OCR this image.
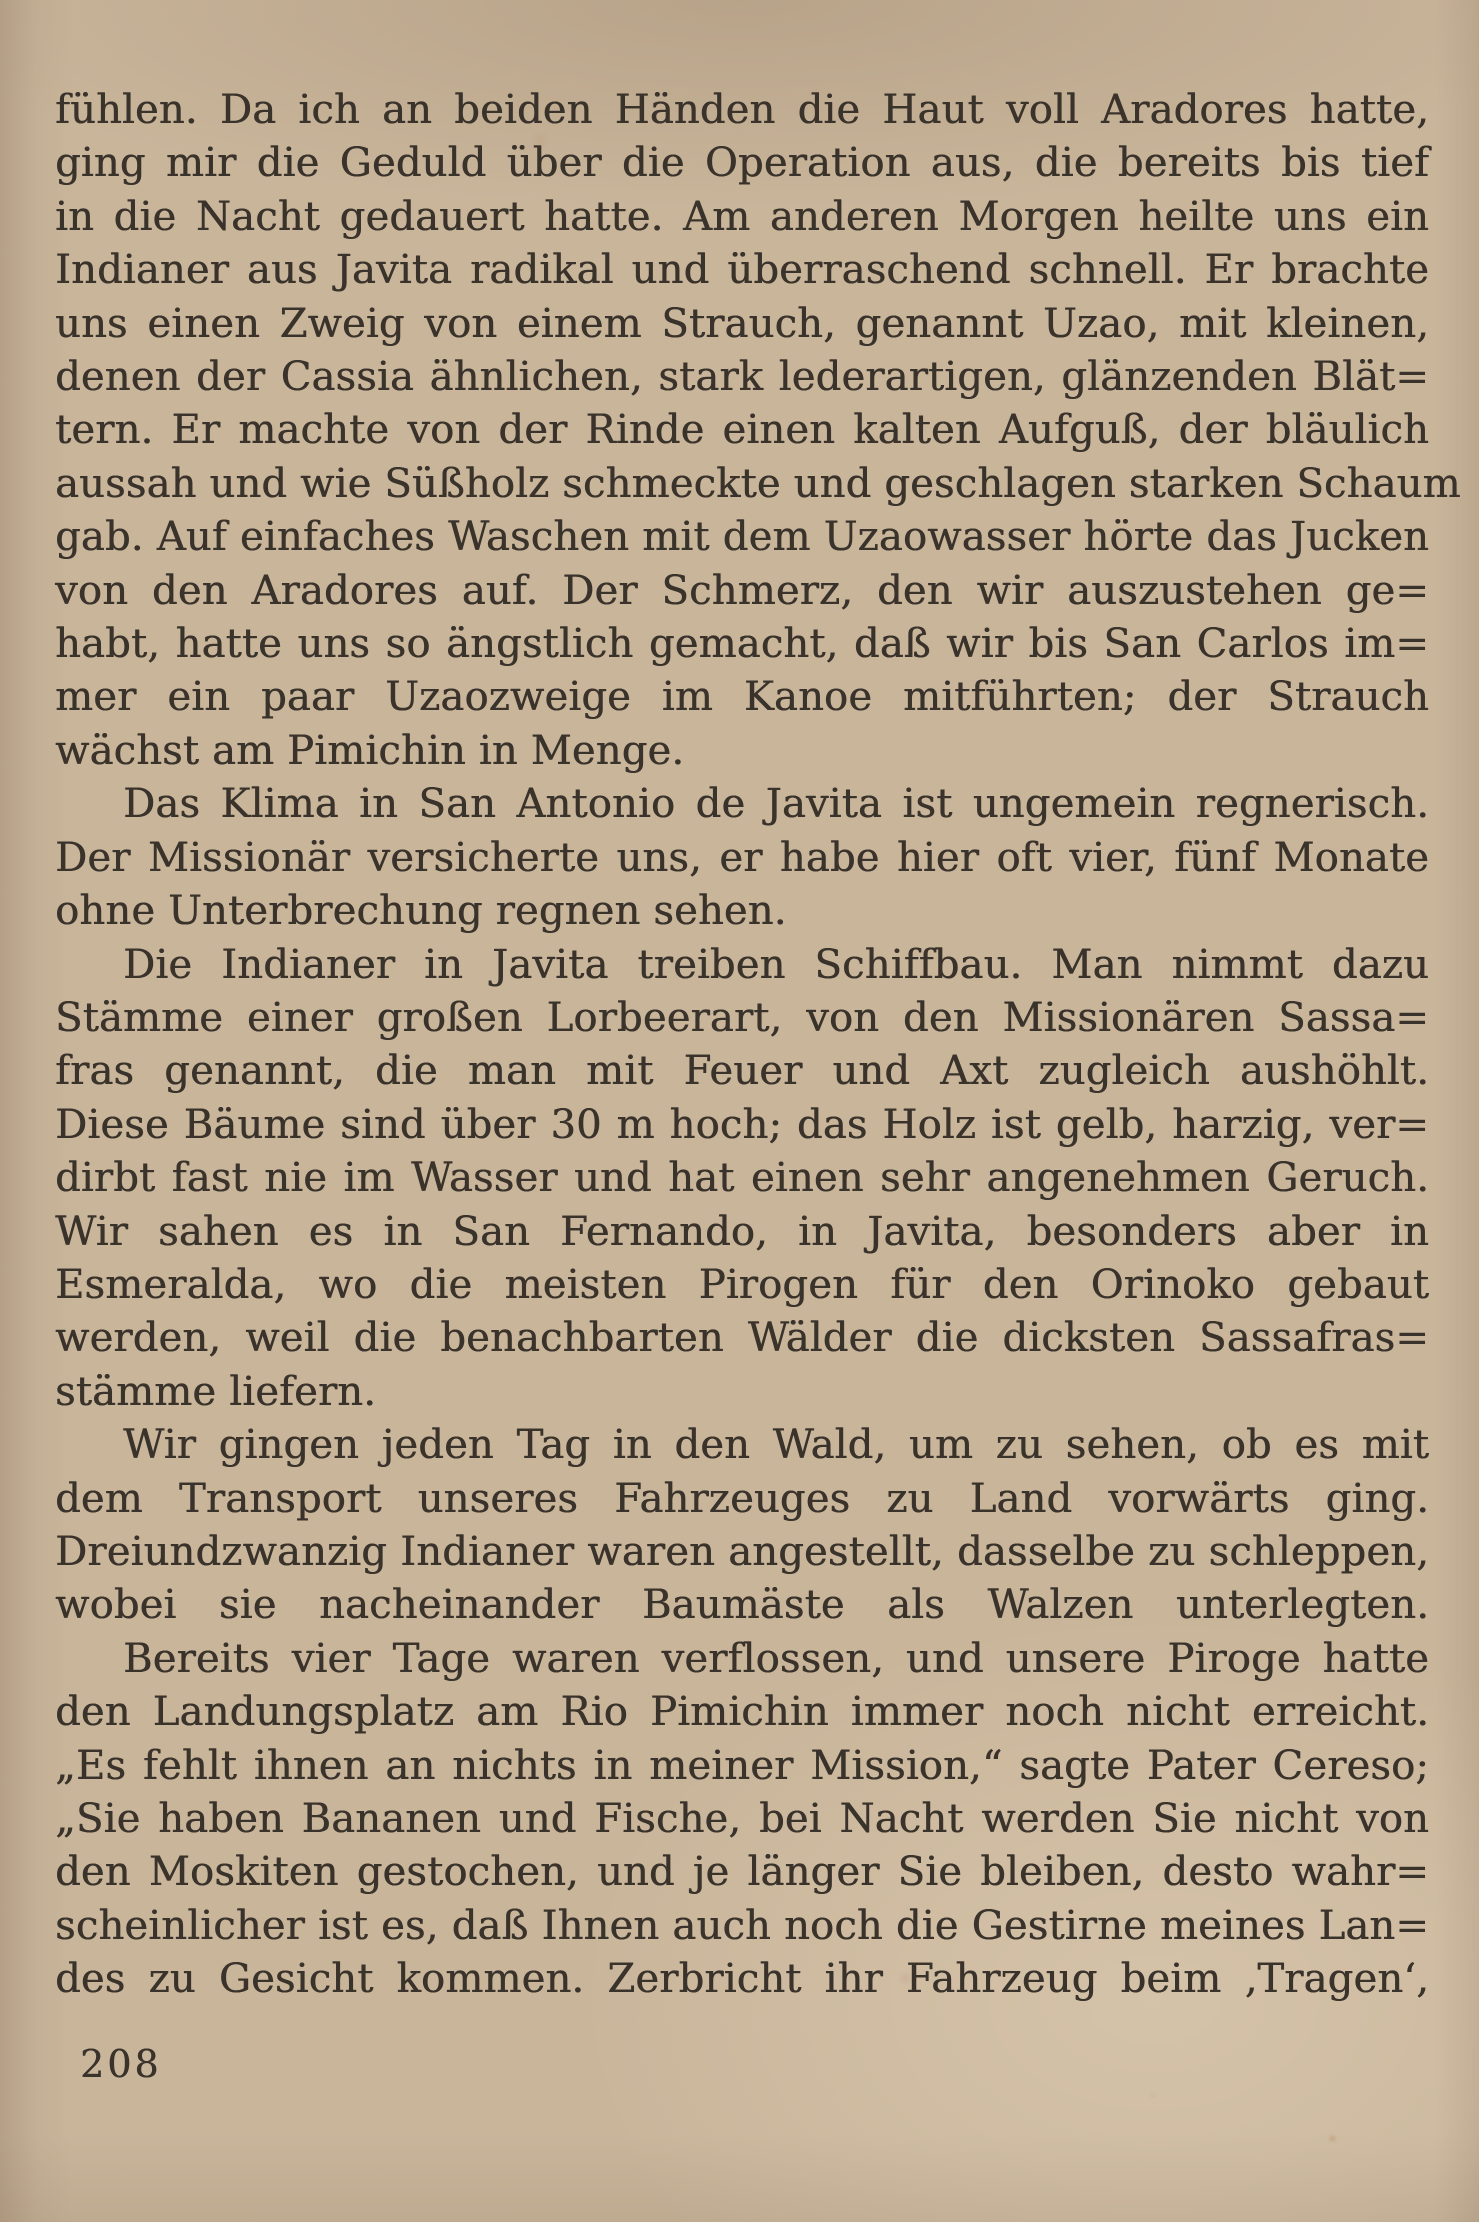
fühlen. Da ich an beiden Händen die Haut voll Aradores hatte,
ging mir die Geduld über die Operation aus, die bereits bis tief
in die Nacht gedauert hatte. Am anderen Morgen heilte uns ein
Indianer aus Javita radikal und überraschend schnell. Er brachte
uns einen Zweig von einem Strauch, genannt Uzao, mit kleinen,
denen der Cassia ähnlichen, stark lederartigen, glänzenden Blät=
tern. Er machte von der Rinde einen kalten Aufguß, der bläulich
aussah und wie Süßholz schmeckte und geschlagen starken Schaum
gab. Auf einfaches Waschen mit dem Uzaowasser hörte das Jucken
von den Aradores auf. Der Schmerz, den wir auszustehen ge=
habt, hatte uns so ängstlich gemacht, daß wir bis San Carlos im=
mer ein paar Uzaozweige im Kanoe mitführten; der Strauch
wächst am Pimichin in Menge.
Das Klima in San Antonio de Javita ist ungemein regnerisch.
Der Missionär versicherte uns, er habe hier oft vier, fünf Monate
ohne Unterbrechung regnen sehen.
Die Indianer in Javita treiben Schiffbau. Man nimmt dazu
Stämme einer großen Lorbeerart, von den Missionären Sassa=
fras genannt, die man mit Feuer und Axt zugleich aushöhlt.
Diese Bäume sind über 30 m hoch; das Holz ist gelb, harzig, ver=
dirbt fast nie im Wasser und hat einen sehr angenehmen Geruch.
Wir sahen es in San Fernando, in Javita, besonders aber in
Esmeralda, wo die meisten Pirogen für den Orinoko gebaut
werden, weil die benachbarten Wälder die dicksten Sassafras=
stämme liefern.
Wir gingen jeden Tag in den Wald, um zu sehen, ob es mit
dem Transport unseres Fahrzeuges zu Land vorwärts ging.
Dreiundzwanzig Indianer waren angestellt, dasselbe zu schleppen,
wobei sie nacheinander Baumäste als Walzen unterlegten.
Bereits vier Tage waren verflossen, und unsere Piroge hatte
den Landungsplatz am Rio Pimichin immer noch nicht erreicht.
„Es fehlt ihnen an nichts in meiner Mission,“ sagte Pater Cereso;
„Sie haben Bananen und Fische, bei Nacht werden Sie nicht von
den Moskiten gestochen, und je länger Sie bleiben, desto wahr=
scheinlicher ist es, daß Ihnen auch noch die Gestirne meines Lan=
des zu Gesicht kommen. Zerbricht ihr Fahrzeug beim ‚Tragen‘,
208
